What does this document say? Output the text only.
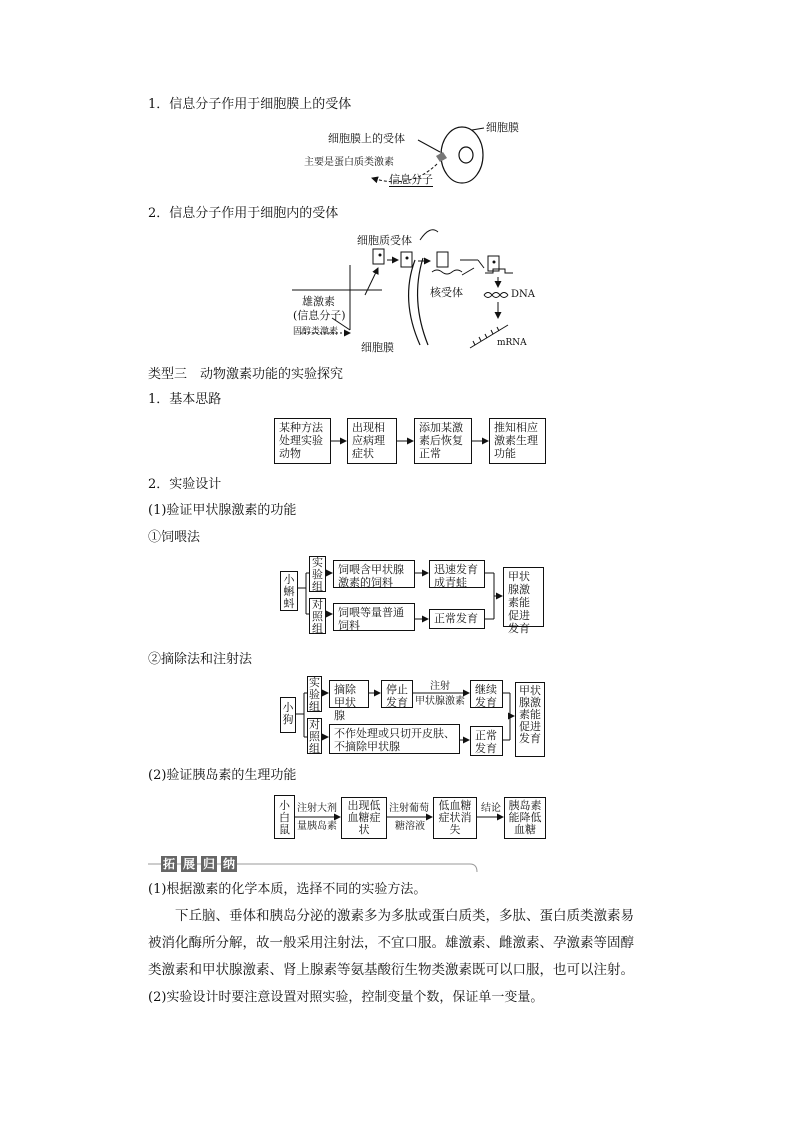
1．信息分子作用于细胞膜上的受体
细胞膜上的受体
细胞膜
主要是蛋白质类激素
信息分子
2．信息分子作用于细胞内的受体
细胞质受体
核受体	DNA
mRNA
雄激素
(信息分子)
固醇类激素
细胞膜
类型三　动物激素功能的实验探究
1．基本思路
某种方法处理实验动物
出现相应病理症状
添加某激素后恢复正常
推知相应激素生理功能
2．实验设计
(1)验证甲状腺激素的功能
①饲喂法
小蝌蚪
实验组
对照组
饲喂含甲状腺激素的饲料
饲喂等量普通饲料
迅速发育成青蛙
正常发育
甲状腺激素能促进发育
②摘除法和注射法
小狗
实验组
对照组
摘除甲状腺
停止发育
注射
甲状腺激素
继续发育
不作处理或只切开皮肤、不摘除甲状腺
正常发育
甲状腺激素能促进发育
(2)验证胰岛素的生理功能
小白鼠
注射大剂
量胰岛素
出现低血糖症状
注射葡萄
糖溶液
低血糖症状消失
结论 胰岛素能降低血糖
拓 展 归 纳
(1)根据激素的化学本质，选择不同的实验方法。
下丘脑、垂体和胰岛分泌的激素多为多肽或蛋白质类，多肽、蛋白质类激素易被消化酶所分解，故一般采用注射法，不宜口服。雄激素、雌激素、孕激素等固醇类激素和甲状腺激素、肾上腺素等氨基酸衍生物类激素既可以口服，也可以注射。
(2)实验设计时要注意设置对照实验，控制变量个数，保证单一变量。
